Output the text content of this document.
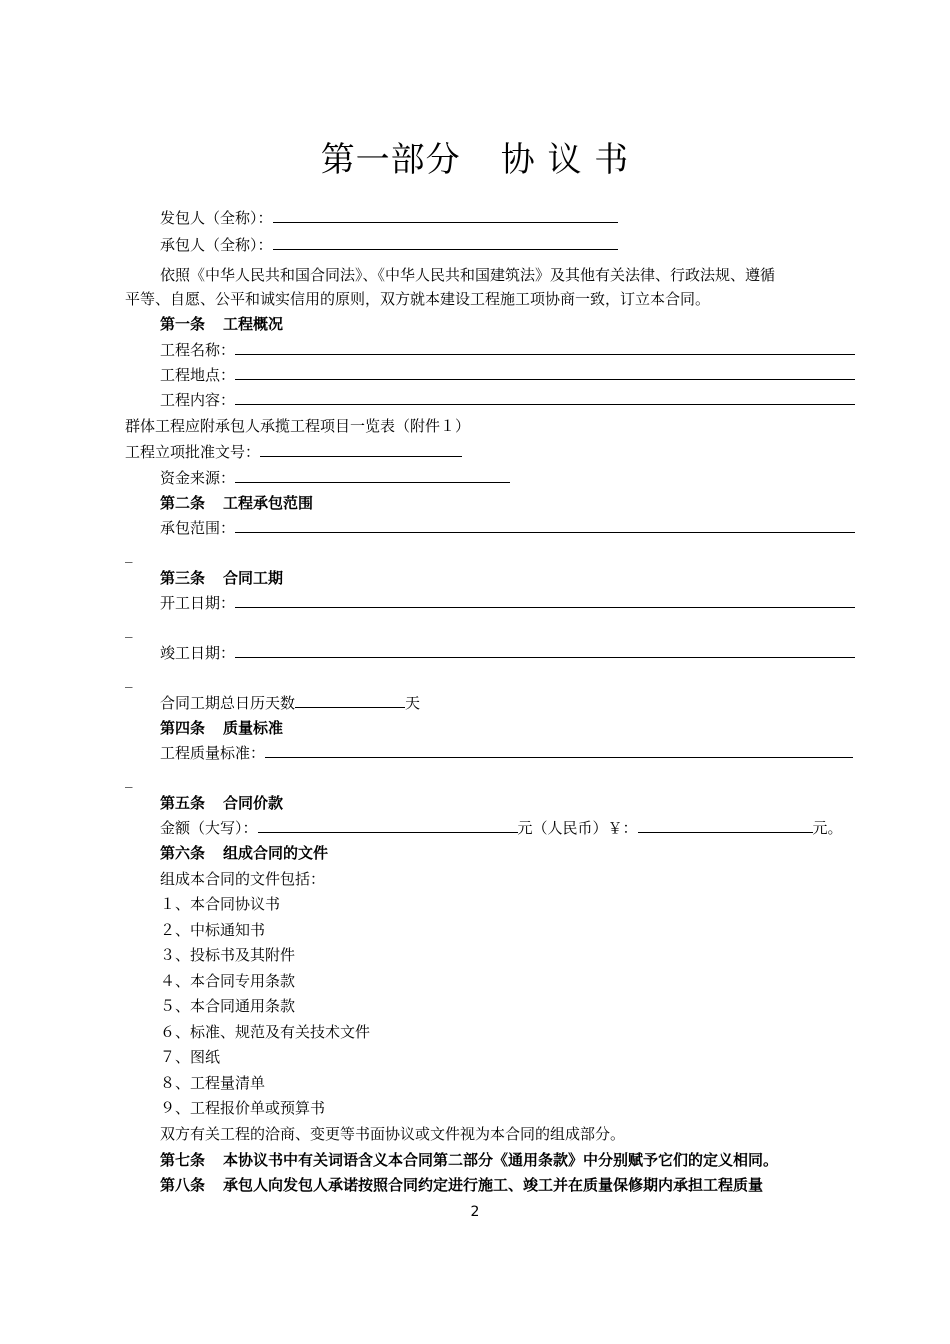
第一部分 协 议 书
发包人（全称）：
承包人（全称）：
依照《中华人民共和国合同法》、《中华人民共和国建筑法》及其他有关法律、行政法规、遵循
平等、自愿、公平和诚实信用的原则，双方就本建设工程施工项协商一致，订立本合同。
第一条 工程概况
工程名称：
工程地点：
工程内容：
群体工程应附承包人承揽工程项目一览表（附件１）
工程立项批准文号：
资金来源：
第二条 工程承包范围
承包范围：
_
第三条 合同工期
开工日期：
_
竣工日期：
_
合同工期总日历天数	天
第四条 质量标准
工程质量标准：
_
第五条 合同价款
金额（大写）：	元（人民币）￥：	元。
第六条 组成合同的文件
组成本合同的文件包括：
１、本合同协议书
２、中标通知书
３、投标书及其附件
４、本合同专用条款
５、本合同通用条款
６、标准、规范及有关技术文件
７、图纸
８、工程量清单
９、工程报价单或预算书
双方有关工程的洽商、变更等书面协议或文件视为本合同的组成部分。
第七条 本协议书中有关词语含义本合同第二部分《通用条款》中分别赋予它们的定义相同。
第八条 承包人向发包人承诺按照合同约定进行施工、竣工并在质量保修期内承担工程质量
2
